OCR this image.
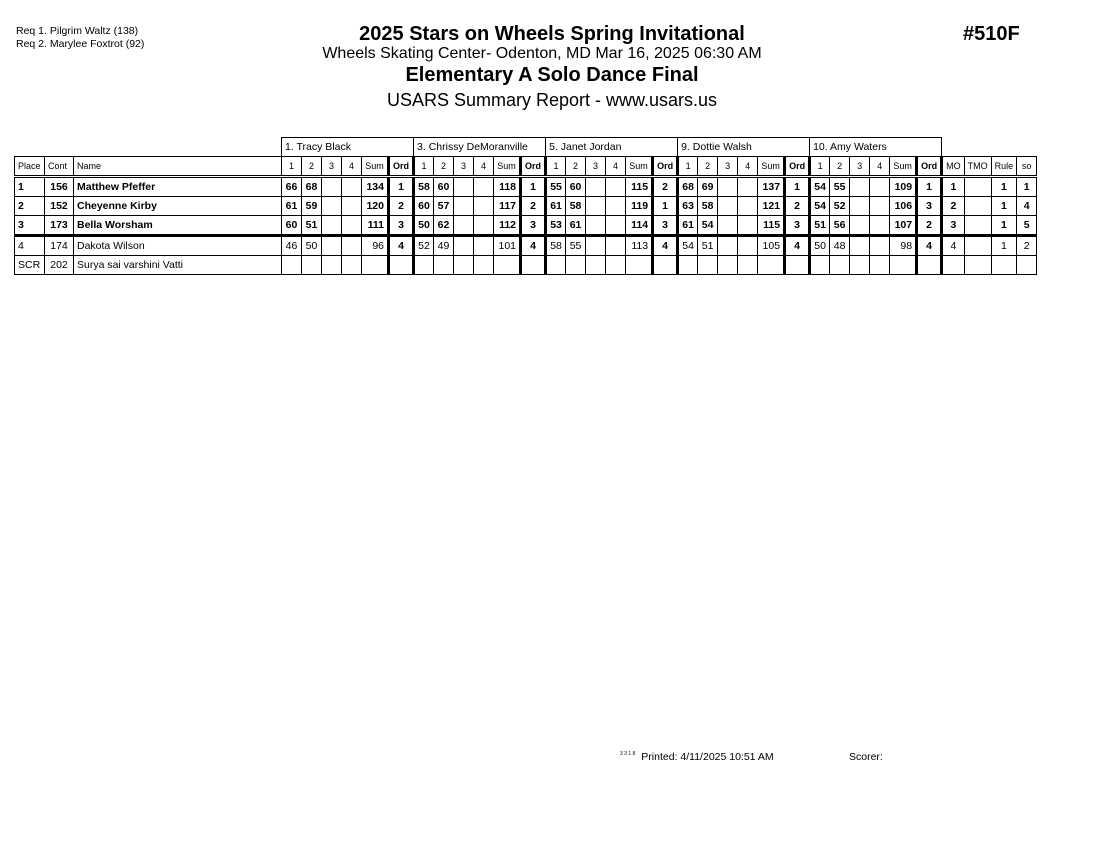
Req 1. Pilgrim Waltz (138)
Req 2. Marylee Foxtrot (92)	2025 Stars on Wheels Spring Invitational
Wheels Skating Center- Odenton, MD Mar 16, 2025 06:30 AM
Elementary A Solo Dance Final
USARS Summary Report - www.usars.us
#510F
			1. Tracy Black						3. Chrissy DeMoranville						5. Janet Jordan						9. Dottie Walsh						10. Amy Waters									
Place	Cont	Name	1	2	3	4	Sum	Ord	1	2	3	4	Sum	Ord	1	2	3	4	Sum	Ord	1	2	3	4	Sum	Ord	1	2	3	4	Sum	Ord	MO	TMO	Rule	so
1	156	Matthew Pfeffer	66	68			134	1	58	60			118	1	55	60			115	2	68	69			137	1	54	55			109	1	1		1	1
2	152	Cheyenne Kirby	61	59			120	2	60	57			117	2	61	58			119	1	63	58			121	2	54	52			106	3	2		1	4
3	173	Bella Worsham	60	51			111	3	50	62			112	3	53	61			114	3	61	54			115	3	51	56			107	2	3		1	5
4	174	Dakota Wilson	46	50			96	4	52	49			101	4	58	55			113	4	54	51			105	4	50	48			98	4	4		1	2
SCR	202	Surya sai varshini Vatti																																		
$^{3 3 1 8}$ Printed: 4/11/2025 10:51 AM	Scorer:
